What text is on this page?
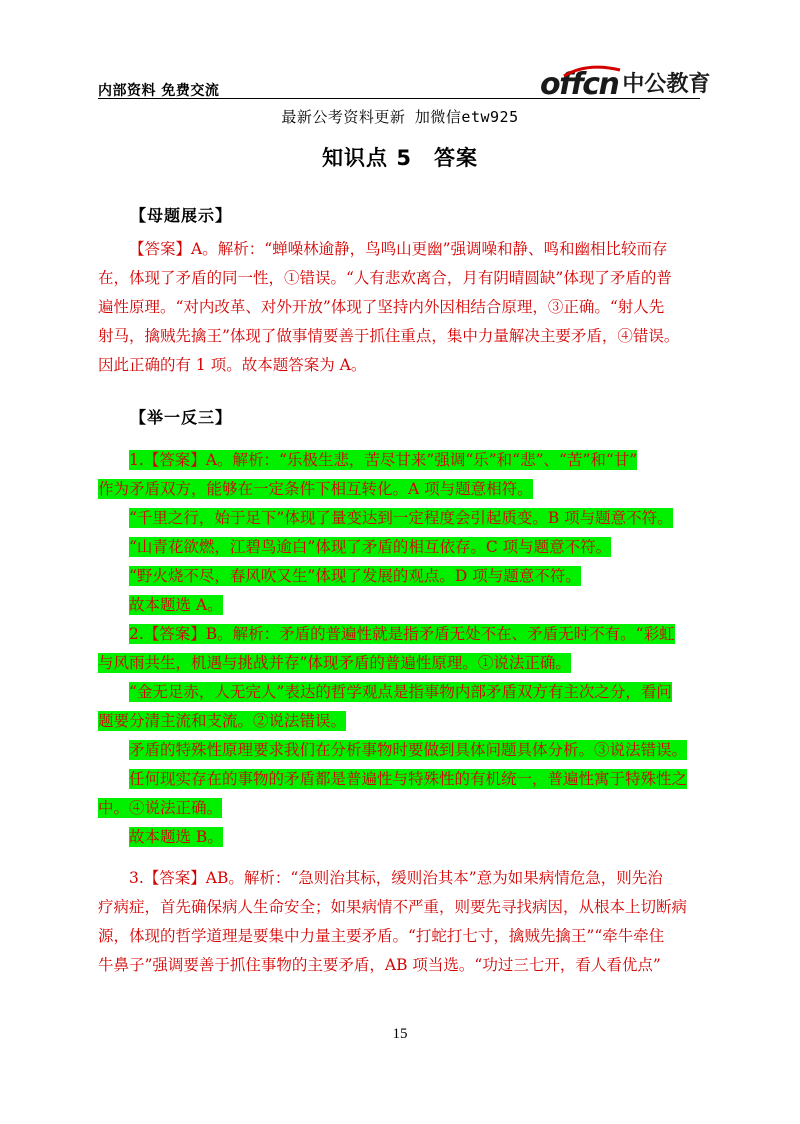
内部资料 免费交流	offcn 中公教育
最新公考资料更新 加微信etw925
知识点 5　答案
【母题展示】
【答案】A。解析：“蝉噪林逾静，鸟鸣山更幽”强调噪和静、鸣和幽相比较而存
在，体现了矛盾的同一性，①错误。“人有悲欢离合，月有阴晴圆缺”体现了矛盾的普
遍性原理。“对内改革、对外开放”体现了坚持内外因相结合原理，③正确。“射人先
射马，擒贼先擒王”体现了做事情要善于抓住重点，集中力量解决主要矛盾，④错误。
因此正确的有 1 项。故本题答案为 A。
【举一反三】
1.【答案】A。解析：“乐极生悲，苦尽甘来”强调“乐”和“悲”、“苦”和“甘”
作为矛盾双方，能够在一定条件下相互转化。A 项与题意相符。
“千里之行，始于足下”体现了量变达到一定程度会引起质变。B 项与题意不符。
“山青花欲燃，江碧鸟逾白”体现了矛盾的相互依存。C 项与题意不符。
“野火烧不尽，春风吹又生”体现了发展的观点。D 项与题意不符。
故本题选 A。
2.【答案】B。解析：矛盾的普遍性就是指矛盾无处不在、矛盾无时不有。“彩虹
与风雨共生，机遇与挑战并存”体现矛盾的普遍性原理。①说法正确。
“金无足赤，人无完人”表达的哲学观点是指事物内部矛盾双方有主次之分，看问
题要分清主流和支流。②说法错误。
矛盾的特殊性原理要求我们在分析事物时要做到具体问题具体分析。③说法错误。
任何现实存在的事物的矛盾都是普遍性与特殊性的有机统一，普遍性寓于特殊性之
中。④说法正确。
故本题选 B。
3.【答案】AB。解析：“急则治其标，缓则治其本”意为如果病情危急，则先治
疗病症，首先确保病人生命安全；如果病情不严重，则要先寻找病因，从根本上切断病
源，体现的哲学道理是要集中力量主要矛盾。“打蛇打七寸，擒贼先擒王”“牵牛牵住
牛鼻子”强调要善于抓住事物的主要矛盾，AB 项当选。“功过三七开，看人看优点”
15
